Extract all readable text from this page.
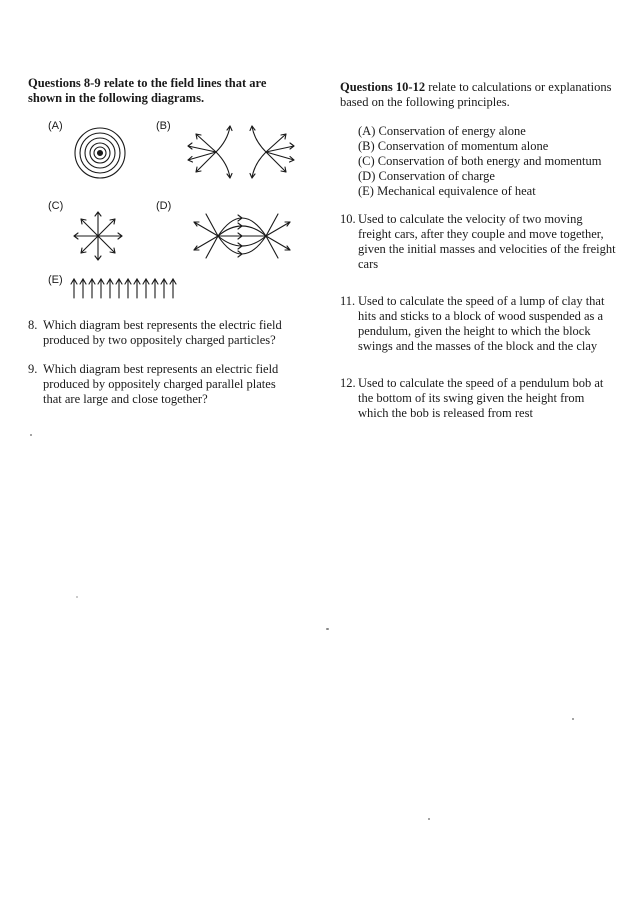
Questions 8-9 relate to the field lines that are shown in the following diagrams.

(A)	(B)
(C)	(D)
(E)
8. Which diagram best represents the electric field produced by two oppositely charged particles?
9. Which diagram best represents an electric field produced by oppositely charged parallel plates that are large and close together?

Questions 10-12 relate to calculations or explanations based on the following principles.

(A) Conservation of energy alone
(B) Conservation of momentum alone
(C) Conservation of both energy and momentum
(D) Conservation of charge
(E) Mechanical equivalence of heat
10. Used to calculate the velocity of two moving freight cars, after they couple and move together, given the initial masses and velocities of the freight cars
11. Used to calculate the speed of a lump of clay that hits and sticks to a block of wood suspended as a pendulum, given the height to which the block swings and the masses of the block and the clay
12. Used to calculate the speed of a pendulum bob at the bottom of its swing given the height from which the bob is released from rest
